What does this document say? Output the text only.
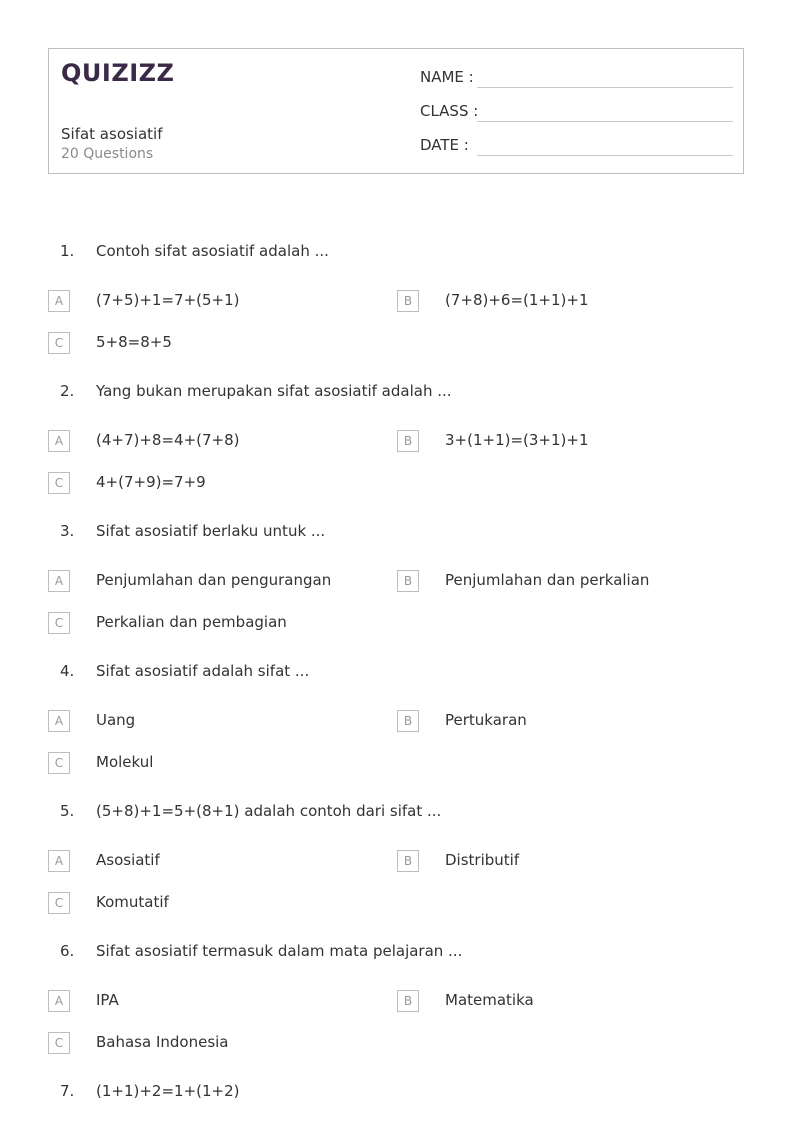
QUIZIZZ
Sifat asosiatif
20 Questions
NAME :
CLASS :
DATE :
1. Contoh sifat asosiatif adalah ...
A	(7+5)+1=7+(5+1)	B	(7+8)+6=(1+1)+1
C	5+8=8+5
2. Yang bukan merupakan sifat asosiatif adalah ...
A	(4+7)+8=4+(7+8)	B	3+(1+1)=(3+1)+1
C	4+(7+9)=7+9
3. Sifat asosiatif berlaku untuk ...
A	Penjumlahan dan pengurangan	B	Penjumlahan dan perkalian
C	Perkalian dan pembagian
4. Sifat asosiatif adalah sifat ...
A	Uang	B	Pertukaran
C	Molekul
5. (5+8)+1=5+(8+1) adalah contoh dari sifat ...
A	Asosiatif	B	Distributif
C	Komutatif
6. Sifat asosiatif termasuk dalam mata pelajaran ...
A	IPA	B	Matematika
C	Bahasa Indonesia
7. (1+1)+2=1+(1+2)
